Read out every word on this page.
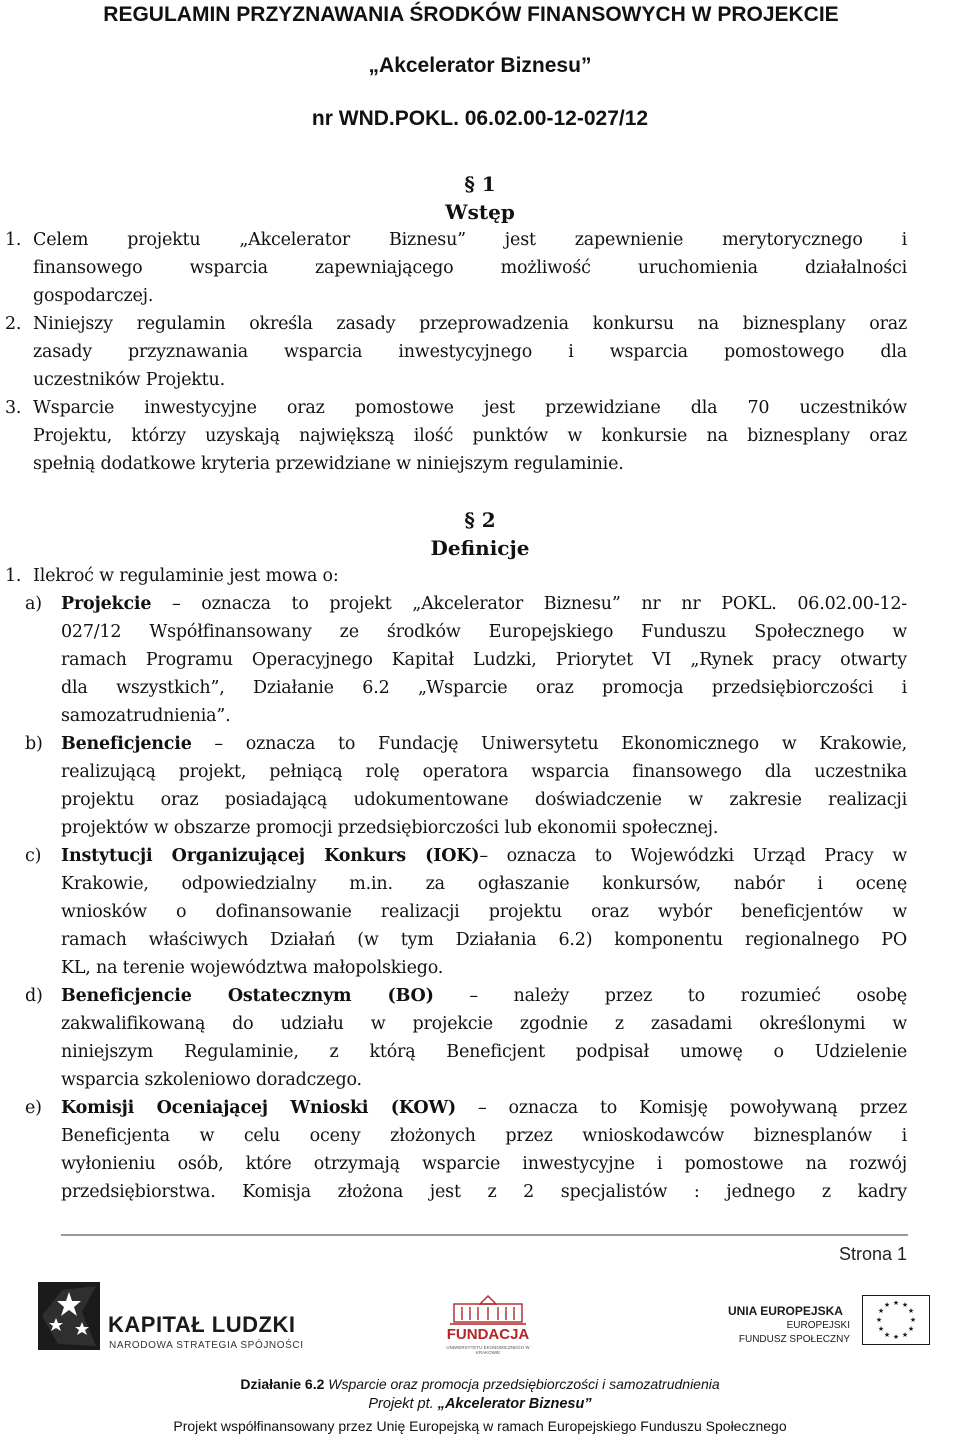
REGULAMIN PRZYZNAWANIA ŚRODKÓW FINANSOWYCH W PROJEKCIE
„Akcelerator Biznesu”
nr WND.POKL. 06.02.00-12-027/12
§ 1
Wstęp
1. Celem projektu „Akcelerator Biznesu” jest zapewnienie merytorycznego i
finansowego wsparcia zapewniającego możliwość uruchomienia działalności
gospodarczej.
2. Niniejszy regulamin określa zasady przeprowadzenia konkursu na biznesplany oraz
zasady przyznawania wsparcia inwestycyjnego i wsparcia pomostowego dla
uczestników Projektu.
3. Wsparcie inwestycyjne oraz pomostowe jest przewidziane dla 70 uczestników
Projektu, którzy uzyskają największą ilość punktów w konkursie na biznesplany oraz
spełnią dodatkowe kryteria przewidziane w niniejszym regulaminie.
§ 2
Definicje
1. Ilekroć w regulaminie jest mowa o:
a) Projekcie – oznacza to projekt „Akcelerator Biznesu” nr nr POKL. 06.02.00-12-
027/12 Współfinansowany ze środków Europejskiego Funduszu Społecznego w
ramach Programu Operacyjnego Kapitał Ludzki, Priorytet VI „Rynek pracy otwarty
dla wszystkich”, Działanie 6.2 „Wsparcie oraz promocja przedsiębiorczości i
samozatrudnienia”.
b) Beneficjencie – oznacza to Fundację Uniwersytetu Ekonomicznego w Krakowie,
realizującą projekt, pełniącą rolę operatora wsparcia finansowego dla uczestnika
projektu oraz posiadającą udokumentowane doświadczenie w zakresie realizacji
projektów w obszarze promocji przedsiębiorczości lub ekonomii społecznej.
c) Instytucji Organizującej Konkurs (IOK)– oznacza to Wojewódzki Urząd Pracy w
Krakowie, odpowiedzialny m.in. za ogłaszanie konkursów, nabór i ocenę
wniosków o dofinansowanie realizacji projektu oraz wybór beneficjentów w
ramach właściwych Działań (w tym Działania 6.2) komponentu regionalnego PO
KL, na terenie województwa małopolskiego.
d) Beneficjencie Ostatecznym (BO) – należy przez to rozumieć osobę
zakwalifikowaną do udziału w projekcie zgodnie z zasadami określonymi w
niniejszym Regulaminie, z którą Beneficjent podpisał umowę o Udzielenie
wsparcia szkoleniowo doradczego.
e) Komisji Oceniającej Wnioski (KOW) – oznacza to Komisję powoływaną przez
Beneficjenta w celu oceny złożonych przez wnioskodawców biznesplanów i
wyłonieniu osób, które otrzymają wsparcie inwestycyjne i pomostowe na rozwój
przedsiębiorstwa. Komisja złożona jest z 2 specjalistów : jednego z kadry
Strona 1
KAPITAŁ LUDZKI
NARODOWA STRATEGIA SPÓJNOŚCI
FUNDACJA
UNIWERSYTETU EKONOMICZNEGO W KRAKOWIE
UNIA EUROPEJSKA
EUROPEJSKI
FUNDUSZ SPOŁECZNY
★ ★
★
★
★
★
★
★
★
★
★
★
Działanie 6.2 Wsparcie oraz promocja przedsiębiorczości i samozatrudnienia
Projekt pt. „Akcelerator Biznesu”
Projekt współfinansowany przez Unię Europejską w ramach Europejskiego Funduszu Społecznego
